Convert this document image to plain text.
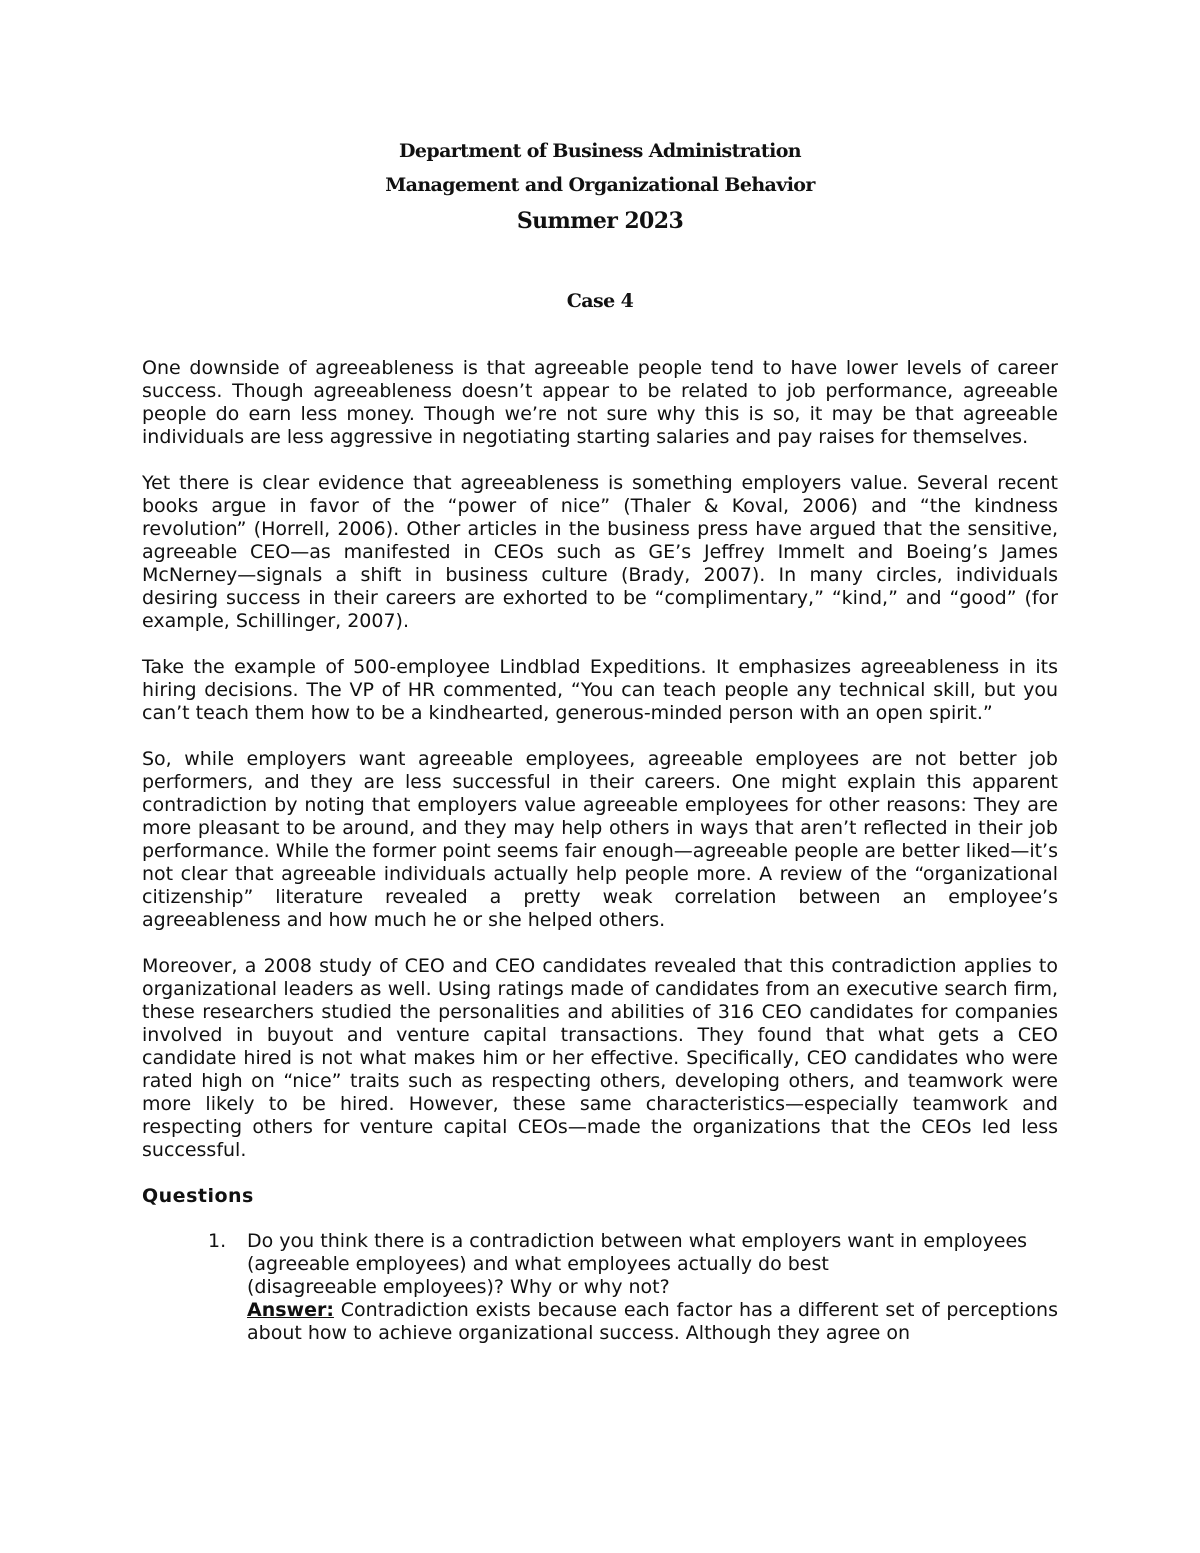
Department of Business Administration
Management and Organizational Behavior
Summer 2023
Case 4

One downside of agreeableness is that agreeable people tend to have lower levels of career success. Though agreeableness doesn’t appear to be related to job performance, agreeable people do earn less money. Though we’re not sure why this is so, it may be that agreeable individuals are less aggressive in negotiating starting salaries and pay raises for themselves.

Yet there is clear evidence that agreeableness is something employers value. Several recent books argue in favor of the “power of nice” (Thaler & Koval, 2006) and “the kindness revolution” (Horrell, 2006). Other articles in the business press have argued that the sensitive, agreeable CEO—as manifested in CEOs such as GE’s Jeffrey Immelt and Boeing’s James McNerney—signals a shift in business culture (Brady, 2007). In many circles, individuals desiring success in their careers are exhorted to be “complimentary,” “kind,” and “good” (for example, Schillinger, 2007).

Take the example of 500-employee Lindblad Expeditions. It emphasizes agreeableness in its hiring decisions. The VP of HR commented, “You can teach people any technical skill, but you can’t teach them how to be a kindhearted, generous-minded person with an open spirit.”

So, while employers want agreeable employees, agreeable employees are not better job performers, and they are less successful in their careers. One might explain this apparent contradiction by noting that employers value agreeable employees for other reasons: They are more pleasant to be around, and they may help others in ways that aren’t reflected in their job performance. While the former point seems fair enough—agreeable people are better liked—it’s not clear that agreeable individuals actually help people more. A review of the “organizational citizenship” literature revealed a pretty weak correlation between an employee’s agreeableness and how much he or she helped others.

Moreover, a 2008 study of CEO and CEO candidates revealed that this contradiction applies to organizational leaders as well. Using ratings made of candidates from an executive search firm, these researchers studied the personalities and abilities of 316 CEO candidates for companies involved in buyout and venture capital transactions. They found that what gets a CEO candidate hired is not what makes him or her effective. Specifically, CEO candidates who were rated high on “nice” traits such as respecting others, developing others, and teamwork were more likely to be hired. However, these same characteristics—especially teamwork and respecting others for venture capital CEOs—made the organizations that the CEOs led less successful.

Questions
1. Do you think there is a contradiction between what employers want in employees
(agreeable employees) and what employees actually do best
(disagreeable employees)? Why or why not?

Answer: Contradiction exists because each factor has a different set of perceptions about how to achieve organizational success. Although they agree on
